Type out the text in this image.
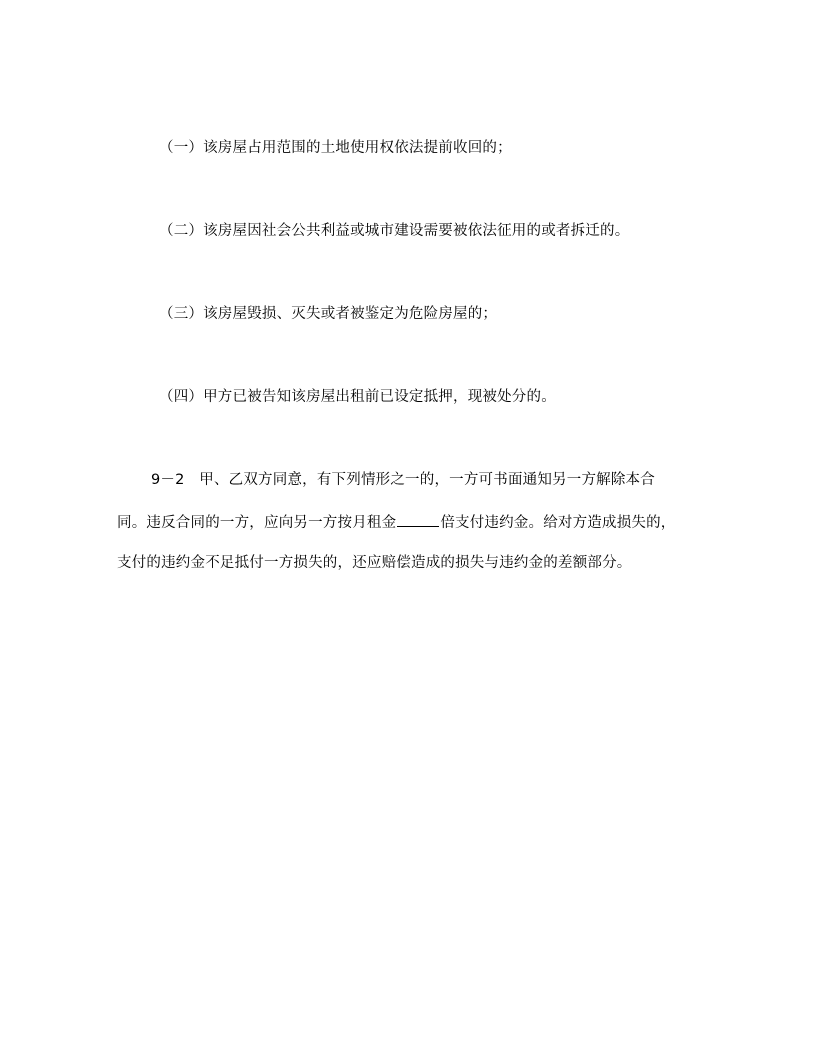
（一）该房屋占用范围的土地使用权依法提前收回的；
（二）该房屋因社会公共利益或城市建设需要被依法征用的或者拆迁的。
（三）该房屋毁损、灭失或者被鉴定为危险房屋的；
（四）甲方已被告知该房屋出租前已设定抵押，现被处分的。
9－2　甲、乙双方同意，有下列情形之一的，一方可书面通知另一方解除本合
同。违反合同的一方，应向另一方按月租金	倍支付违约金。给对方造成损失的，
支付的违约金不足抵付一方损失的，还应赔偿造成的损失与违约金的差额部分。
